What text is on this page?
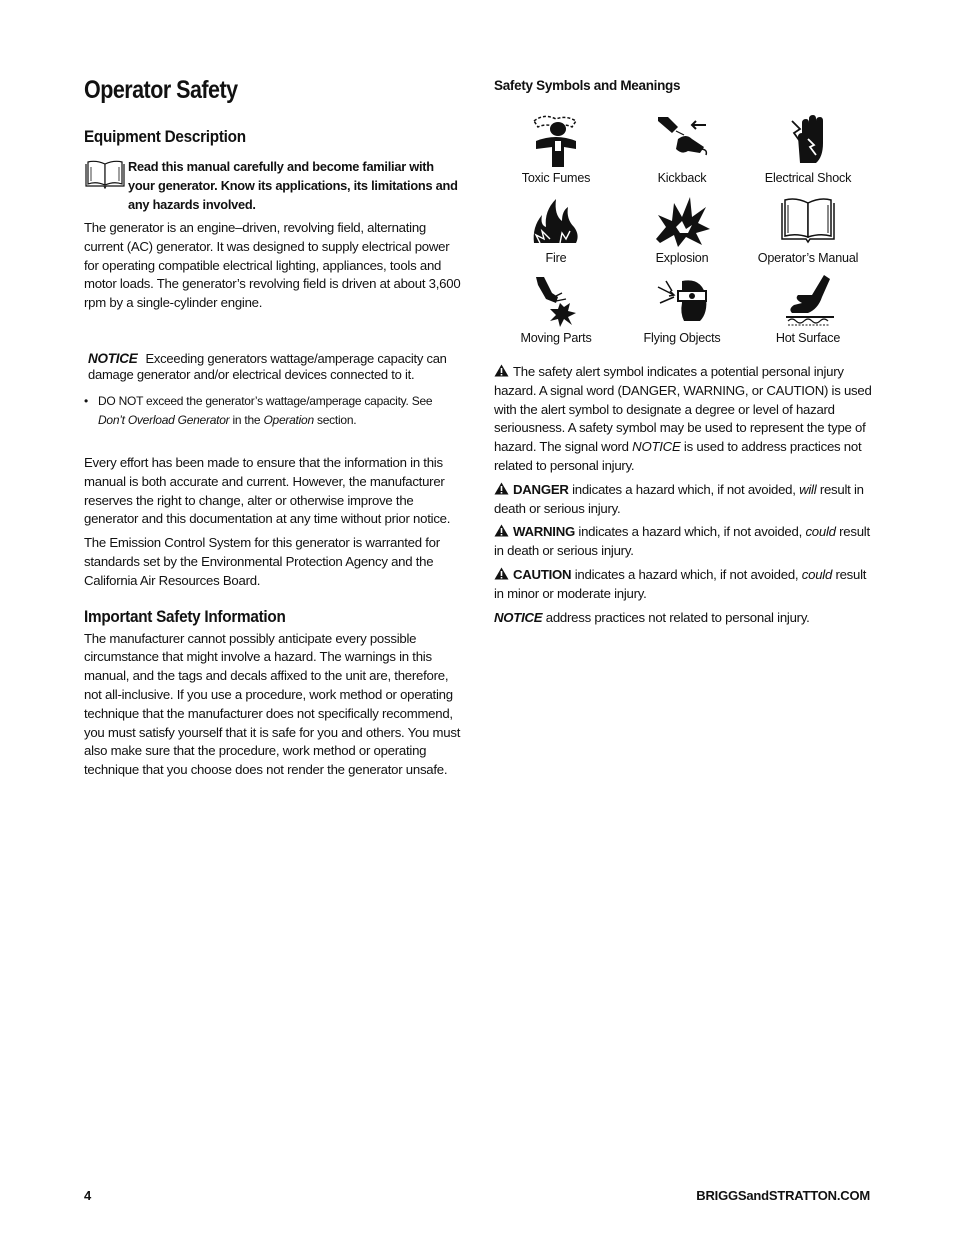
Operator Safety
Equipment Description
Read this manual carefully and become familiar with your generator. Know its applications, its limitations and any hazards involved.

The generator is an engine–driven, revolving field, alternating current (AC) generator. It was designed to supply electrical power for operating compatible electrical lighting, appliances, tools and motor loads. The generator’s revolving field is driven at about 3,600 rpm by a single-cylinder engine.

NOTICE Exceeding generators wattage/amperage capacity can damage generator and/or electrical devices connected to it.
• DO NOT exceed the generator’s wattage/amperage capacity. See Don’t Overload Generator in the Operation section.

Every effort has been made to ensure that the information in this manual is both accurate and current. However, the manufacturer reserves the right to change, alter or otherwise improve the generator and this documentation at any time without prior notice.

The Emission Control System for this generator is warranted for standards set by the Environmental Protection Agency and the California Air Resources Board.

Important Safety Information

The manufacturer cannot possibly anticipate every possible circumstance that might involve a hazard. The warnings in this manual, and the tags and decals affixed to the unit are, therefore, not all-inclusive. If you use a procedure, work method or operating technique that the manufacturer does not specifically recommend, you must satisfy yourself that it is safe for you and others. You must also make sure that the procedure, work method or operating technique that you choose does not render the generator unsafe.

Safety Symbols and Meanings
Toxic Fumes	Kickback	Electrical Shock
Fire	Explosion	Operator’s Manual
Moving Parts	Flying Objects	Hot Surface

The safety alert symbol indicates a potential personal injury hazard. A signal word (DANGER, WARNING, or CAUTION) is used with the alert symbol to designate a degree or level of hazard seriousness. A safety symbol may be used to represent the type of hazard. The signal word NOTICE is used to address practices not related to personal injury.

DANGER indicates a hazard which, if not avoided, will result in death or serious injury.

WARNING indicates a hazard which, if not avoided, could result in death or serious injury.

CAUTION indicates a hazard which, if not avoided, could result in minor or moderate injury.

NOTICE address practices not related to personal injury.

4	BRIGGSandSTRATTON.COM
